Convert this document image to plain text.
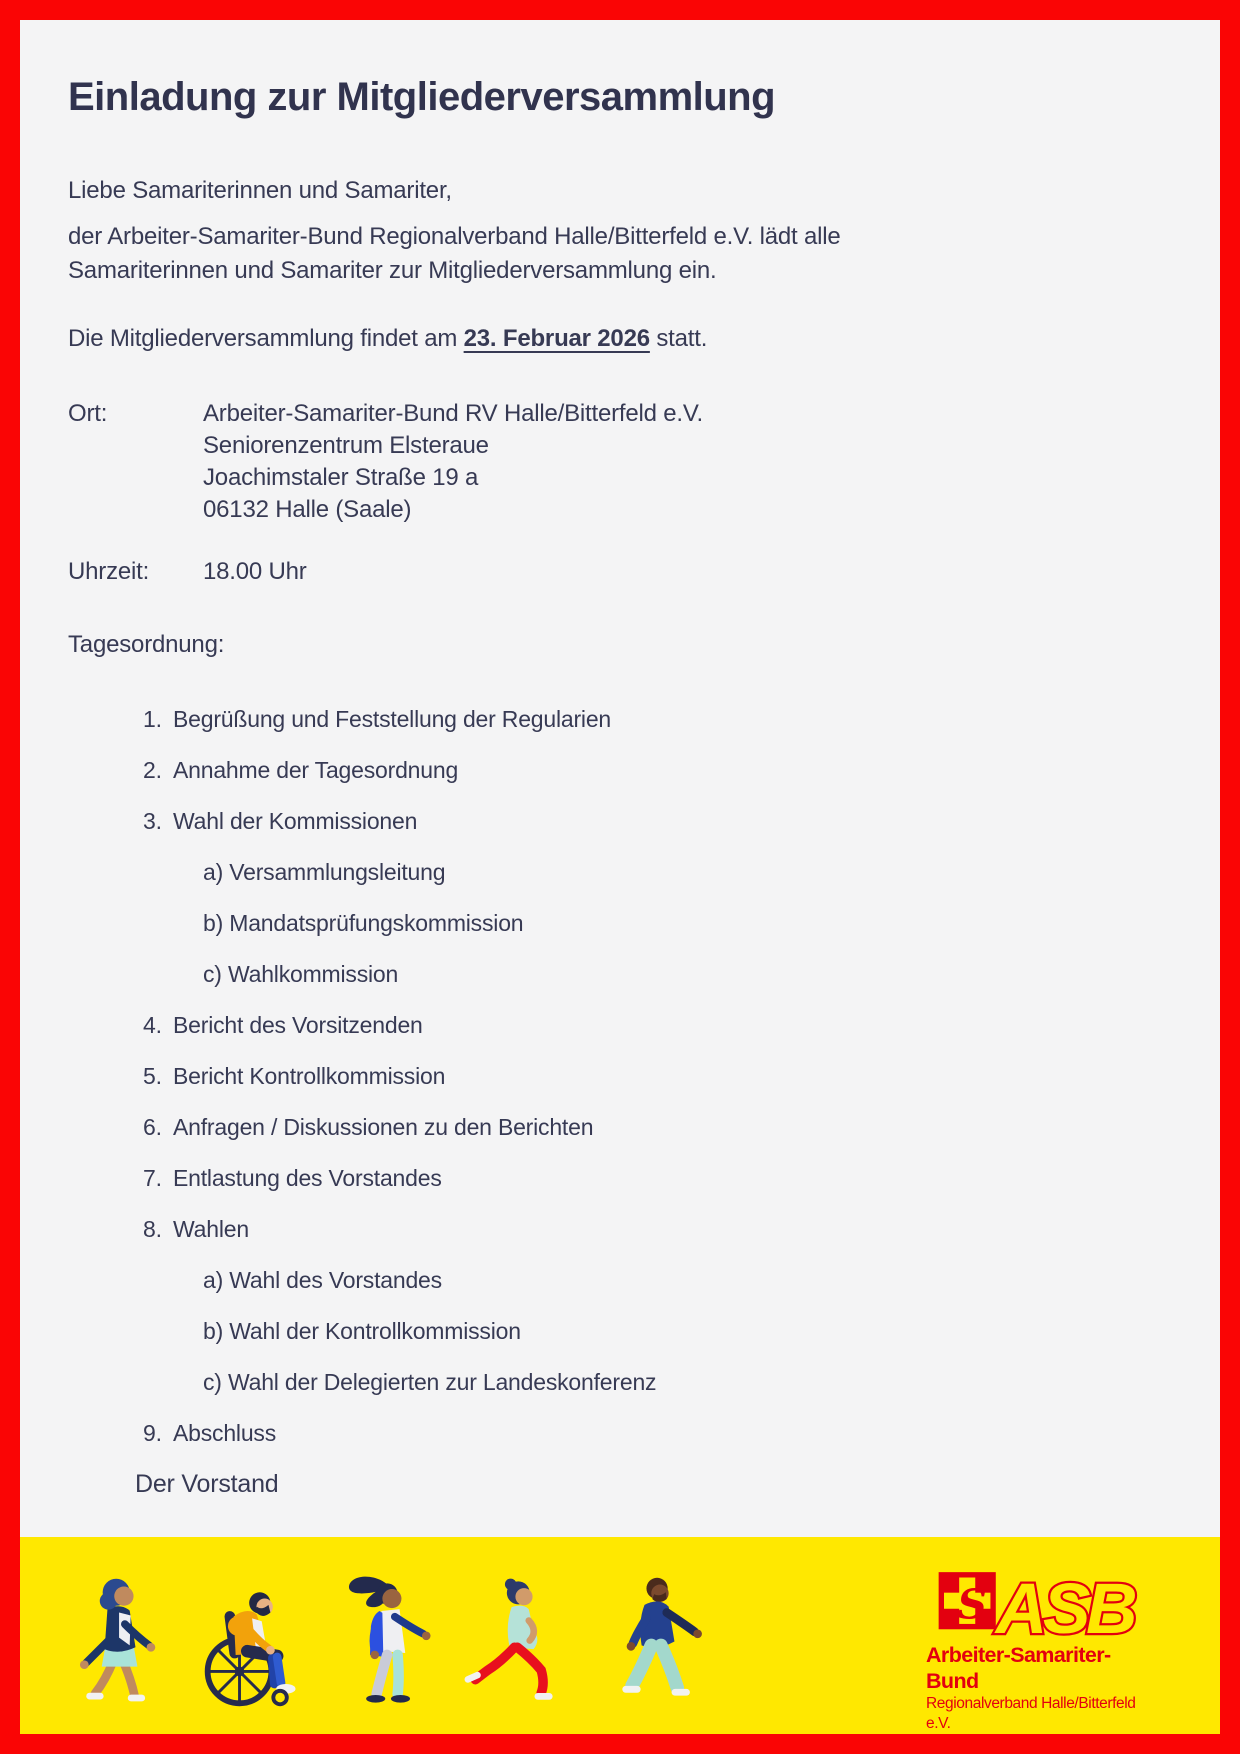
Einladung zur Mitgliederversammlung

Liebe Samariterinnen und Samariter,

der Arbeiter-Samariter-Bund Regionalverband Halle/Bitterfeld e.V. lädt alle
Samariterinnen und Samariter zur Mitgliederversammlung ein.

Die Mitgliederversammlung findet am 23. Februar 2026 statt.

Ort:	Arbeiter-Samariter-Bund RV Halle/Bitterfeld e.V.
Seniorenzentrum Elsteraue
Joachimstaler Straße 19 a
06132 Halle (Saale)
Uhrzeit:	18.00 Uhr
Tagesordnung:
1. Begrüßung und Feststellung der Regularien
2. Annahme der Tagesordnung
3. Wahl der Kommissionen
a) Versammlungsleitung
b) Mandatsprüfungskommission
c) Wahlkommission
4. Bericht des Vorsitzenden
5. Bericht Kontrollkommission
6. Anfragen / Diskussionen zu den Berichten
7. Entlastung des Vorstandes
8. Wahlen
a) Wahl des Vorstandes
b) Wahl der Kontrollkommission
c) Wahl der Delegierten zur Landeskonferenz
9. Abschluss

Der Vorstand

S ASB
Arbeiter-Samariter-Bund
Regionalverband Halle/Bitterfeld e.V.
